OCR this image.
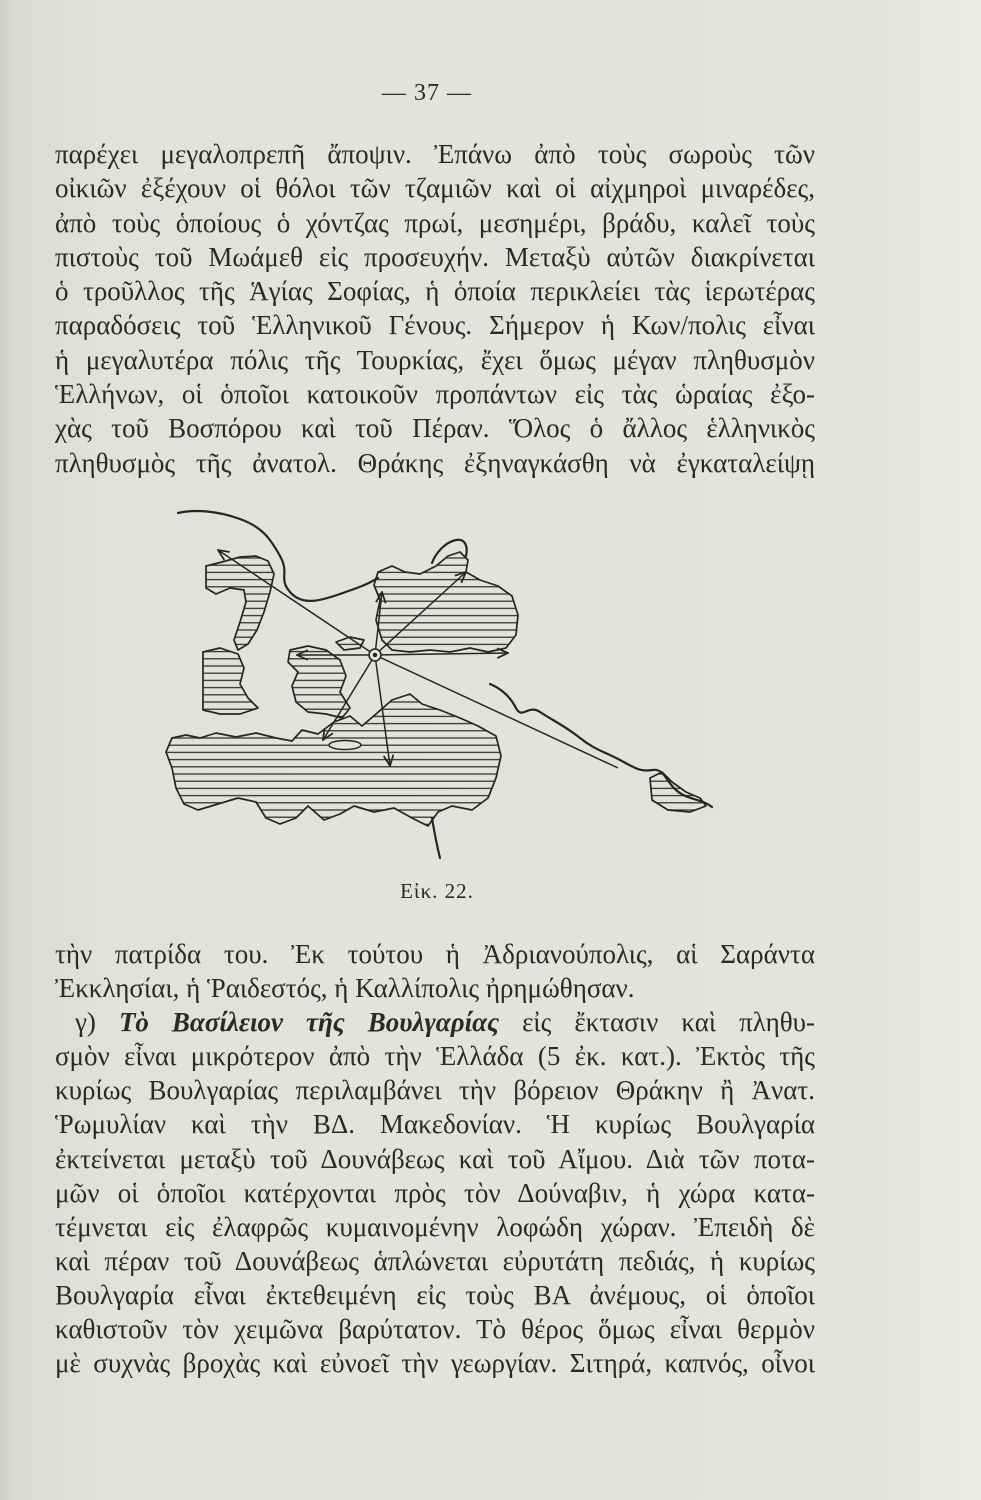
— 37 —
παρέχει μεγαλοπρεπῆ ἄποψιν. Ἐπάνω ἀπὸ τοὺς σωροὺς τῶν
οἰκιῶν ἐξέχουν οἱ θόλοι τῶν τζαμιῶν καὶ οἱ αἰχμηροὶ μιναρέδες,
ἀπὸ τοὺς ὁποίους ὁ χόντζας πρωί, μεσημέρι, βράδυ, καλεῖ τοὺς
πιστοὺς τοῦ Μωάμεθ εἰς προσευχήν. Μεταξὺ αὐτῶν διακρίνεται
ὁ τροῦλλος τῆς Ἁγίας Σοφίας, ἡ ὁποία περικλείει τὰς ἱερωτέρας
παραδόσεις τοῦ Ἑλληνικοῦ Γένους. Σήμερον ἡ Κων/πολις εἶναι
ἡ μεγαλυτέρα πόλις τῆς Τουρκίας, ἔχει ὅμως μέγαν πληθυσμὸν
Ἑλλήνων, οἱ ὁποῖοι κατοικοῦν προπάντων εἰς τὰς ὡραίας ἐξο-
χὰς τοῦ Βοσπόρου καὶ τοῦ Πέραν. Ὅλος ὁ ἄλλος ἑλληνικὸς
πληθυσμὸς τῆς ἀνατολ. Θράκης ἐξηναγκάσθη νὰ ἐγκαταλείψῃ
Εἰκ. 22.
τὴν πατρίδα του. Ἐκ τούτου ἡ Ἀδριανούπολις, αἱ Σαράντα
Ἐκκλησίαι, ἡ Ῥαιδεστός, ἡ Καλλίπολις ἠρημώθησαν.
γ) Τὸ Βασίλειον τῆς Βουλγαρίας εἰς ἔκτασιν καὶ πληθυ-
σμὸν εἶναι μικρότερον ἀπὸ τὴν Ἑλλάδα (5 ἐκ. κατ.). Ἐκτὸς τῆς
κυρίως Βουλγαρίας περιλαμβάνει τὴν βόρειον Θράκην ἢ Ἀνατ.
Ῥωμυλίαν καὶ τὴν ΒΔ. Μακεδονίαν. Ἡ κυρίως Βουλγαρία
ἐκτείνεται μεταξὺ τοῦ Δουνάβεως καὶ τοῦ Αἴμου. Διὰ τῶν ποτα-
μῶν οἱ ὁποῖοι κατέρχονται πρὸς τὸν Δούναβιν, ἡ χώρα κατα-
τέμνεται εἰς ἐλαφρῶς κυμαινομένην λοφώδη χώραν. Ἐπειδὴ δὲ
καὶ πέραν τοῦ Δουνάβεως ἁπλώνεται εὐρυτάτη πεδιάς, ἡ κυρίως
Βουλγαρία εἶναι ἐκτεθειμένη εἰς τοὺς ΒΑ ἀνέμους, οἱ ὁποῖοι
καθιστοῦν τὸν χειμῶνα βαρύτατον. Τὸ θέρος ὅμως εἶναι θερμὸν
μὲ συχνὰς βροχὰς καὶ εὐνοεῖ τὴν γεωργίαν. Σιτηρά, καπνός, οἶνοι
